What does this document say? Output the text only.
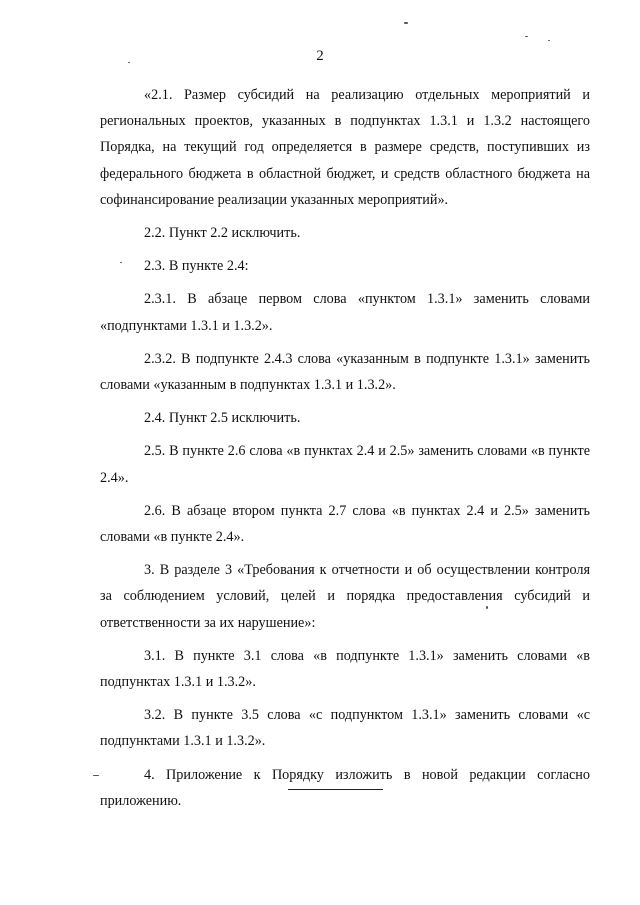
2

«2.1. Размер субсидий на реализацию отдельных мероприятий и региональных проектов, указанных в подпунктах 1.3.1 и 1.3.2 настоящего Порядка, на текущий год определяется в размере средств, поступивших из федерального бюджета в областной бюджет, и средств областного бюджета на софинансирование реализации указанных мероприятий».

2.2. Пункт 2.2 исключить.

2.3. В пункте 2.4:

2.3.1. В абзаце первом слова «пунктом 1.3.1» заменить словами «подпунктами 1.3.1 и 1.3.2».

2.3.2. В подпункте 2.4.3 слова «указанным в подпункте 1.3.1» заменить словами «указанным в подпунктах 1.3.1 и 1.3.2».

2.4. Пункт 2.5 исключить.

2.5. В пункте 2.6 слова «в пунктах 2.4 и 2.5» заменить словами «в пункте 2.4».

2.6. В абзаце втором пункта 2.7 слова «в пунктах 2.4 и 2.5» заменить словами «в пункте 2.4».

3. В разделе 3 «Требования к отчетности и об осуществлении контроля за соблюдением условий, целей и порядка предоставления субсидий и ответственности за их нарушение»:

3.1. В пункте 3.1 слова «в подпункте 1.3.1» заменить словами «в подпунктах 1.3.1 и 1.3.2».

3.2. В пункте 3.5 слова «с подпунктом 1.3.1» заменить словами «с подпунктами 1.3.1 и 1.3.2».

4. Приложение к Порядку изложить в новой редакции согласно приложению.
